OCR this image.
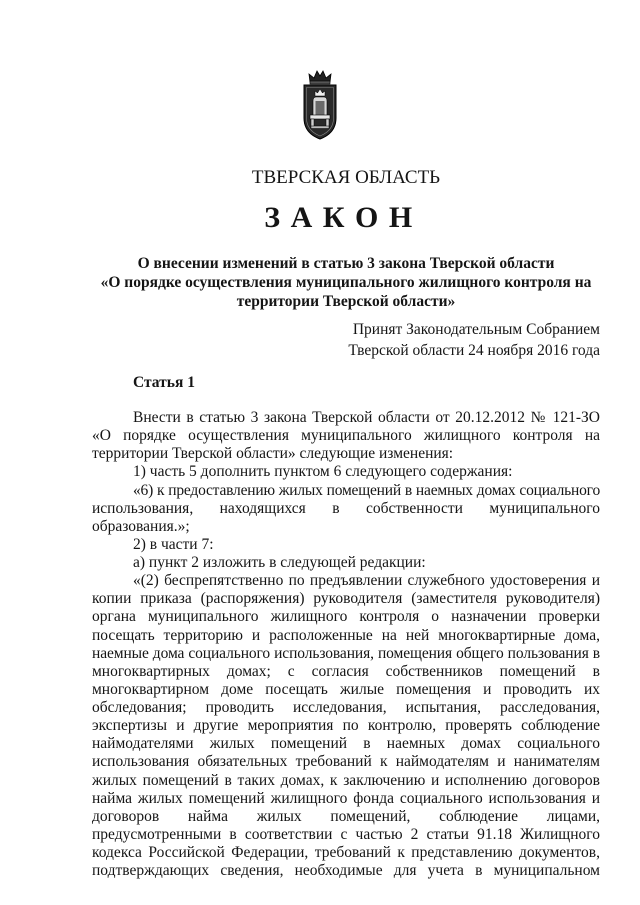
ТВЕРСКАЯ ОБЛАСТЬ
З А К О Н
О внесении изменений в статью 3 закона Тверской области
«О порядке осуществления муниципального жилищного контроля на
территории Тверской области»
Принят Законодательным Собранием
Тверской области 24 ноября 2016 года
Статья 1
Внести в статью 3 закона Тверской области от 20.12.2012 № 121-ЗО
«О порядке осуществления муниципального жилищного контроля на
территории Тверской области» следующие изменения:
1) часть 5 дополнить пунктом 6 следующего содержания:
«6) к предоставлению жилых помещений в наемных домах социального
использования, находящихся в собственности муниципального
образования.»;
2) в части 7:
а) пункт 2 изложить в следующей редакции:
«(2) беспрепятственно по предъявлении служебного удостоверения и
копии приказа (распоряжения) руководителя (заместителя руководителя)
органа муниципального жилищного контроля о назначении проверки
посещать территорию и расположенные на ней многоквартирные дома,
наемные дома социального использования, помещения общего пользования в
многоквартирных домах; с согласия собственников помещений в
многоквартирном доме посещать жилые помещения и проводить их
обследования; проводить исследования, испытания, расследования,
экспертизы и другие мероприятия по контролю, проверять соблюдение
наймодателями жилых помещений в наемных домах социального
использования обязательных требований к наймодателям и нанимателям
жилых помещений в таких домах, к заключению и исполнению договоров
найма жилых помещений жилищного фонда социального использования и
договоров найма жилых помещений, соблюдение лицами,
предусмотренными в соответствии с частью 2 статьи 91.18 Жилищного
кодекса Российской Федерации, требований к представлению документов,
подтверждающих сведения, необходимые для учета в муниципальном
